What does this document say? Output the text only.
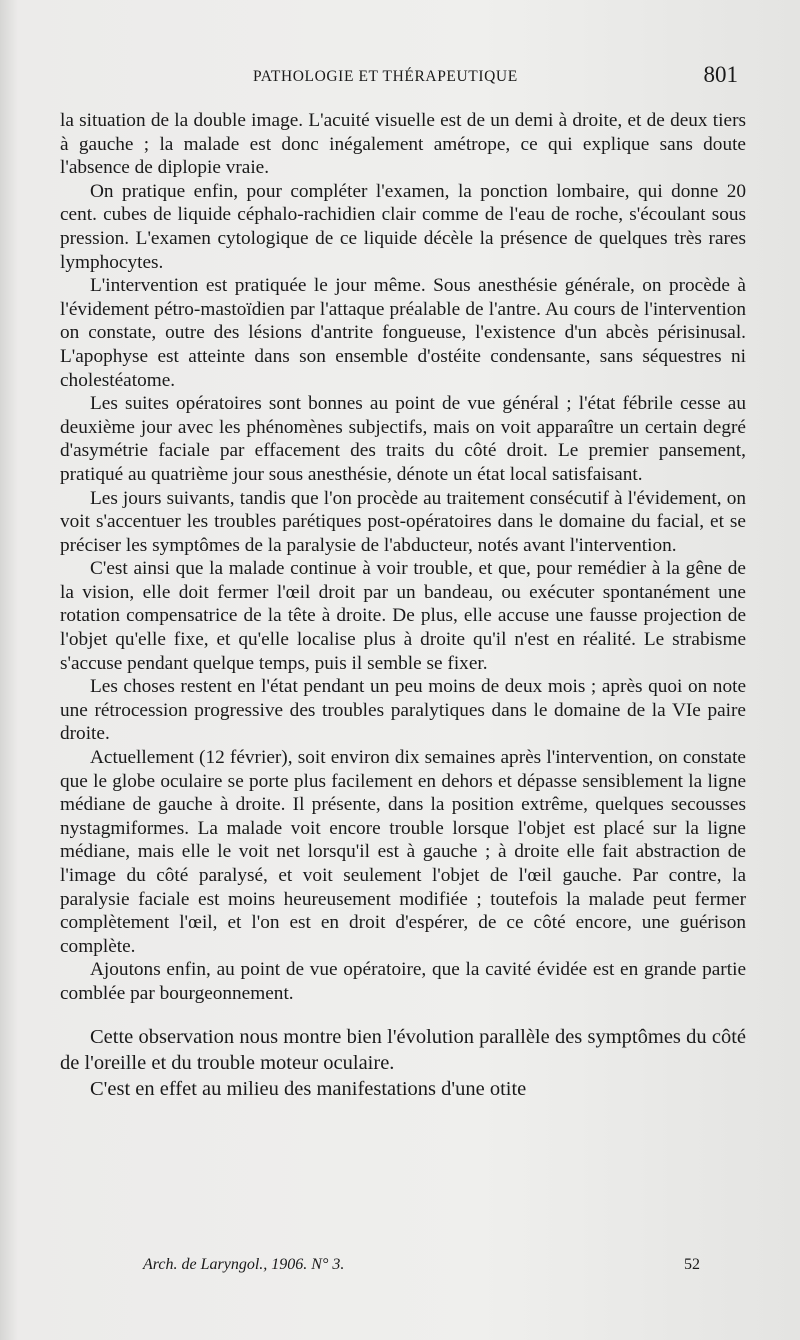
PATHOLOGIE ET THÉRAPEUTIQUE	801

la situation de la double image. L'acuité visuelle est de un demi à droite, et de deux tiers à gauche ; la malade est donc inégalement amétrope, ce qui explique sans doute l'absence de diplopie vraie.

On pratique enfin, pour compléter l'examen, la ponction lombaire, qui donne 20 cent. cubes de liquide céphalo-rachidien clair comme de l'eau de roche, s'écoulant sous pression. L'examen cytologique de ce liquide décèle la présence de quelques très rares lymphocytes.

L'intervention est pratiquée le jour même. Sous anesthésie générale, on procède à l'évidement pétro-mastoïdien par l'attaque préalable de l'antre. Au cours de l'intervention on constate, outre des lésions d'antrite fongueuse, l'existence d'un abcès périsinusal. L'apophyse est atteinte dans son ensemble d'ostéite condensante, sans séquestres ni cholestéatome.

Les suites opératoires sont bonnes au point de vue général ; l'état fébrile cesse au deuxième jour avec les phénomènes subjectifs, mais on voit apparaître un certain degré d'asymétrie faciale par effacement des traits du côté droit. Le premier pansement, pratiqué au quatrième jour sous anesthésie, dénote un état local satisfaisant.

Les jours suivants, tandis que l'on procède au traitement consécutif à l'évidement, on voit s'accentuer les troubles parétiques post-opératoires dans le domaine du facial, et se préciser les symptômes de la paralysie de l'abducteur, notés avant l'intervention.

C'est ainsi que la malade continue à voir trouble, et que, pour remédier à la gêne de la vision, elle doit fermer l'œil droit par un bandeau, ou exécuter spontanément une rotation compensatrice de la tête à droite. De plus, elle accuse une fausse projection de l'objet qu'elle fixe, et qu'elle localise plus à droite qu'il n'est en réalité. Le strabisme s'accuse pendant quelque temps, puis il semble se fixer.

Les choses restent en l'état pendant un peu moins de deux mois ; après quoi on note une rétrocession progressive des troubles paralytiques dans le domaine de la VIe paire droite.

Actuellement (12 février), soit environ dix semaines après l'intervention, on constate que le globe oculaire se porte plus facilement en dehors et dépasse sensiblement la ligne médiane de gauche à droite. Il présente, dans la position extrême, quelques secousses nystagmiformes. La malade voit encore trouble lorsque l'objet est placé sur la ligne médiane, mais elle le voit net lorsqu'il est à gauche ; à droite elle fait abstraction de l'image du côté paralysé, et voit seulement l'objet de l'œil gauche. Par contre, la paralysie faciale est moins heureusement modifiée ; toutefois la malade peut fermer complètement l'œil, et l'on est en droit d'espérer, de ce côté encore, une guérison complète.

Ajoutons enfin, au point de vue opératoire, que la cavité évidée est en grande partie comblée par bourgeonnement.

Cette observation nous montre bien l'évolution parallèle des symptômes du côté de l'oreille et du trouble moteur oculaire.

C'est en effet au milieu des manifestations d'une otite

Arch. de Laryngol., 1906. N° 3.	52
